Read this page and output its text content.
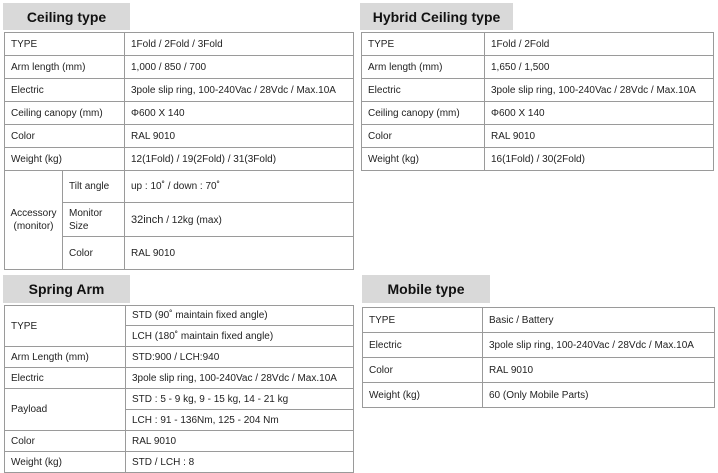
Ceiling type
TYPE		1Fold / 2Fold / 3Fold
Arm length (mm)		1,000 / 850 / 700
Electric		3pole slip ring, 100-240Vac / 28Vdc / Max.10A
Ceiling canopy (mm)		Φ600 X 140
Color		RAL 9010
Weight (kg)		12(1Fold) / 19(2Fold) / 31(3Fold)
Accessory (monitor)	Tilt angle	up : 10˚ / down : 70˚
	Monitor Size	32inch / 12kg (max)
	Color	RAL 9010
Hybrid Ceiling type
TYPE	1Fold / 2Fold
Arm length (mm)	1,650 / 1,500
Electric	3pole slip ring, 100-240Vac / 28Vdc / Max.10A
Ceiling canopy (mm)	Φ600 X 140
Color	RAL 9010
Weight (kg)	16(1Fold) / 30(2Fold)
Spring Arm
TYPE	STD (90˚ maintain fixed angle)
	LCH (180˚ maintain fixed angle)
Arm Length (mm)	STD:900 / LCH:940
Electric	3pole slip ring, 100-240Vac / 28Vdc / Max.10A
Payload	STD : 5 - 9 kg, 9 - 15 kg, 14 - 21 kg
	LCH : 91 - 136Nm, 125 - 204 Nm
Color	RAL 9010
Weight (kg)	STD / LCH : 8
Mobile type
TYPE	Basic / Battery
Electric	3pole slip ring, 100-240Vac / 28Vdc / Max.10A
Color	RAL 9010
Weight (kg)	60 (Only Mobile Parts)
